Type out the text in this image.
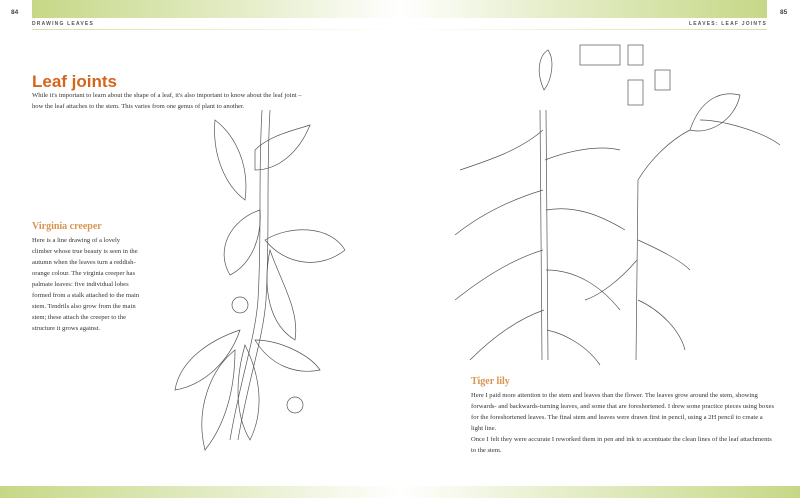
84	85
DRAWING LEAVES	LEAVES: LEAF JOINTS
Leaf joints

While it's important to learn about the shape of a leaf, it's also important to know about the leaf joint – how the leaf attaches to the stem. This varies from one genus of plant to another.

Virginia creeper

Here is a line drawing of a lovely climber whose true beauty is seen in the autumn when the leaves turn a reddish-orange colour. The virginia creeper has palmate leaves: five individual lobes formed from a stalk attached to the main stem. Tendrils also grow from the main stem; these attach the creeper to the structure it grows against.

Tiger lily

Here I paid more attention to the stem and leaves than the flower. The leaves grow around the stem, showing forwards- and backwards-turning leaves, and some that are foreshortened. I drew some practice pieces using boxes for the foreshortened leaves. The final stem and leaves were drawn first in pencil, using a 2H pencil to create a light line.

Once I felt they were accurate I reworked them in pen and ink to accentuate the clean lines of the leaf attachments to the stem.
